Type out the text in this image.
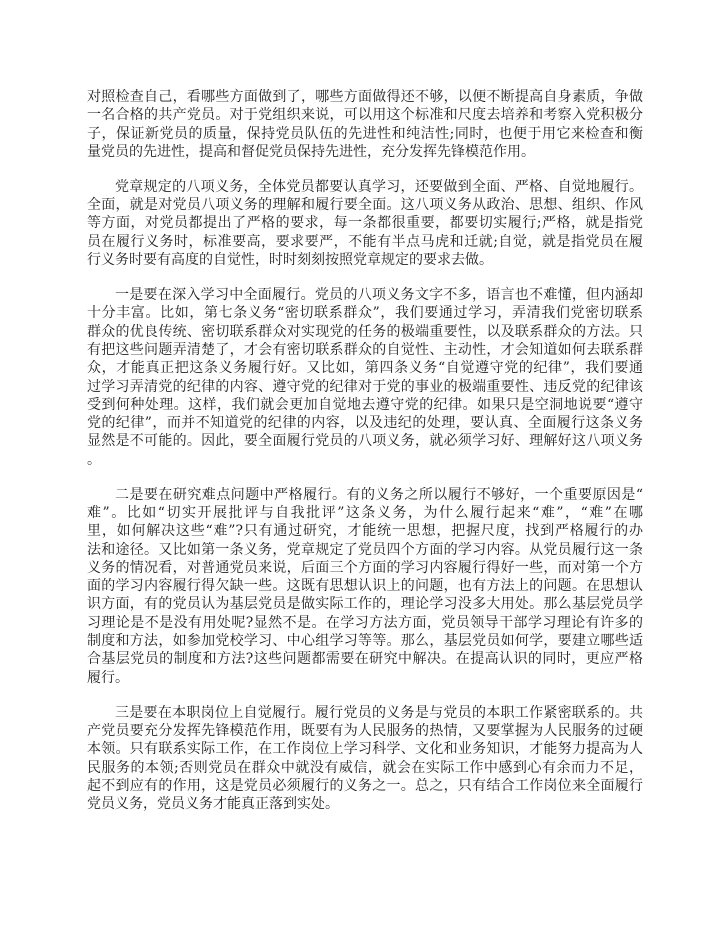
对照检查自己，看哪些方面做到了，哪些方面做得还不够，以便不断提高自身素质，争做
一名合格的共产党员。对于党组织来说，可以用这个标准和尺度去培养和考察入党积极分
子，保证新党员的质量，保持党员队伍的先进性和纯洁性;同时，也便于用它来检查和衡
量党员的先进性，提高和督促党员保持先进性，充分发挥先锋模范作用。
党章规定的八项义务，全体党员都要认真学习，还要做到全面、严格、自觉地履行。
全面，就是对党员八项义务的理解和履行要全面。这八项义务从政治、思想、组织、作风
等方面，对党员都提出了严格的要求，每一条都很重要，都要切实履行;严格，就是指党
员在履行义务时，标准要高，要求要严，不能有半点马虎和迁就;自觉，就是指党员在履
行义务时要有高度的自觉性，时时刻刻按照党章规定的要求去做。
一是要在深入学习中全面履行。党员的八项义务文字不多，语言也不难懂，但内涵却
十分丰富。比如，第七条义务“密切联系群众”，我们要通过学习，弄清我们党密切联系
群众的优良传统、密切联系群众对实现党的任务的极端重要性，以及联系群众的方法。只
有把这些问题弄清楚了，才会有密切联系群众的自觉性、主动性，才会知道如何去联系群
众，才能真正把这条义务履行好。又比如，第四条义务“自觉遵守党的纪律”，我们要通
过学习弄清党的纪律的内容、遵守党的纪律对于党的事业的极端重要性、违反党的纪律该
受到何种处理。这样，我们就会更加自觉地去遵守党的纪律。如果只是空洞地说要“遵守
党的纪律”，而并不知道党的纪律的内容，以及违纪的处理，要认真、全面履行这条义务
显然是不可能的。因此，要全面履行党员的八项义务，就必须学习好、理解好这八项义务
。
二是要在研究难点问题中严格履行。有的义务之所以履行不够好，一个重要原因是“
难”。比如“切实开展批评与自我批评”这条义务，为什么履行起来“难”，“难”在哪
里，如何解决这些“难”?只有通过研究，才能统一思想，把握尺度，找到严格履行的办
法和途径。又比如第一条义务，党章规定了党员四个方面的学习内容。从党员履行这一条
义务的情况看，对普通党员来说，后面三个方面的学习内容履行得好一些，而对第一个方
面的学习内容履行得欠缺一些。这既有思想认识上的问题，也有方法上的问题。在思想认
识方面，有的党员认为基层党员是做实际工作的，理论学习没多大用处。那么基层党员学
习理论是不是没有用处呢?显然不是。在学习方法方面，党员领导干部学习理论有许多的
制度和方法，如参加党校学习、中心组学习等等。那么，基层党员如何学，要建立哪些适
合基层党员的制度和方法?这些问题都需要在研究中解决。在提高认识的同时，更应严格
履行。
三是要在本职岗位上自觉履行。履行党员的义务是与党员的本职工作紧密联系的。共
产党员要充分发挥先锋模范作用，既要有为人民服务的热情，又要掌握为人民服务的过硬
本领。只有联系实际工作，在工作岗位上学习科学、文化和业务知识，才能努力提高为人
民服务的本领;否则党员在群众中就没有威信，就会在实际工作中感到心有余而力不足，
起不到应有的作用，这是党员必须履行的义务之一。总之，只有结合工作岗位来全面履行
党员义务，党员义务才能真正落到实处。
